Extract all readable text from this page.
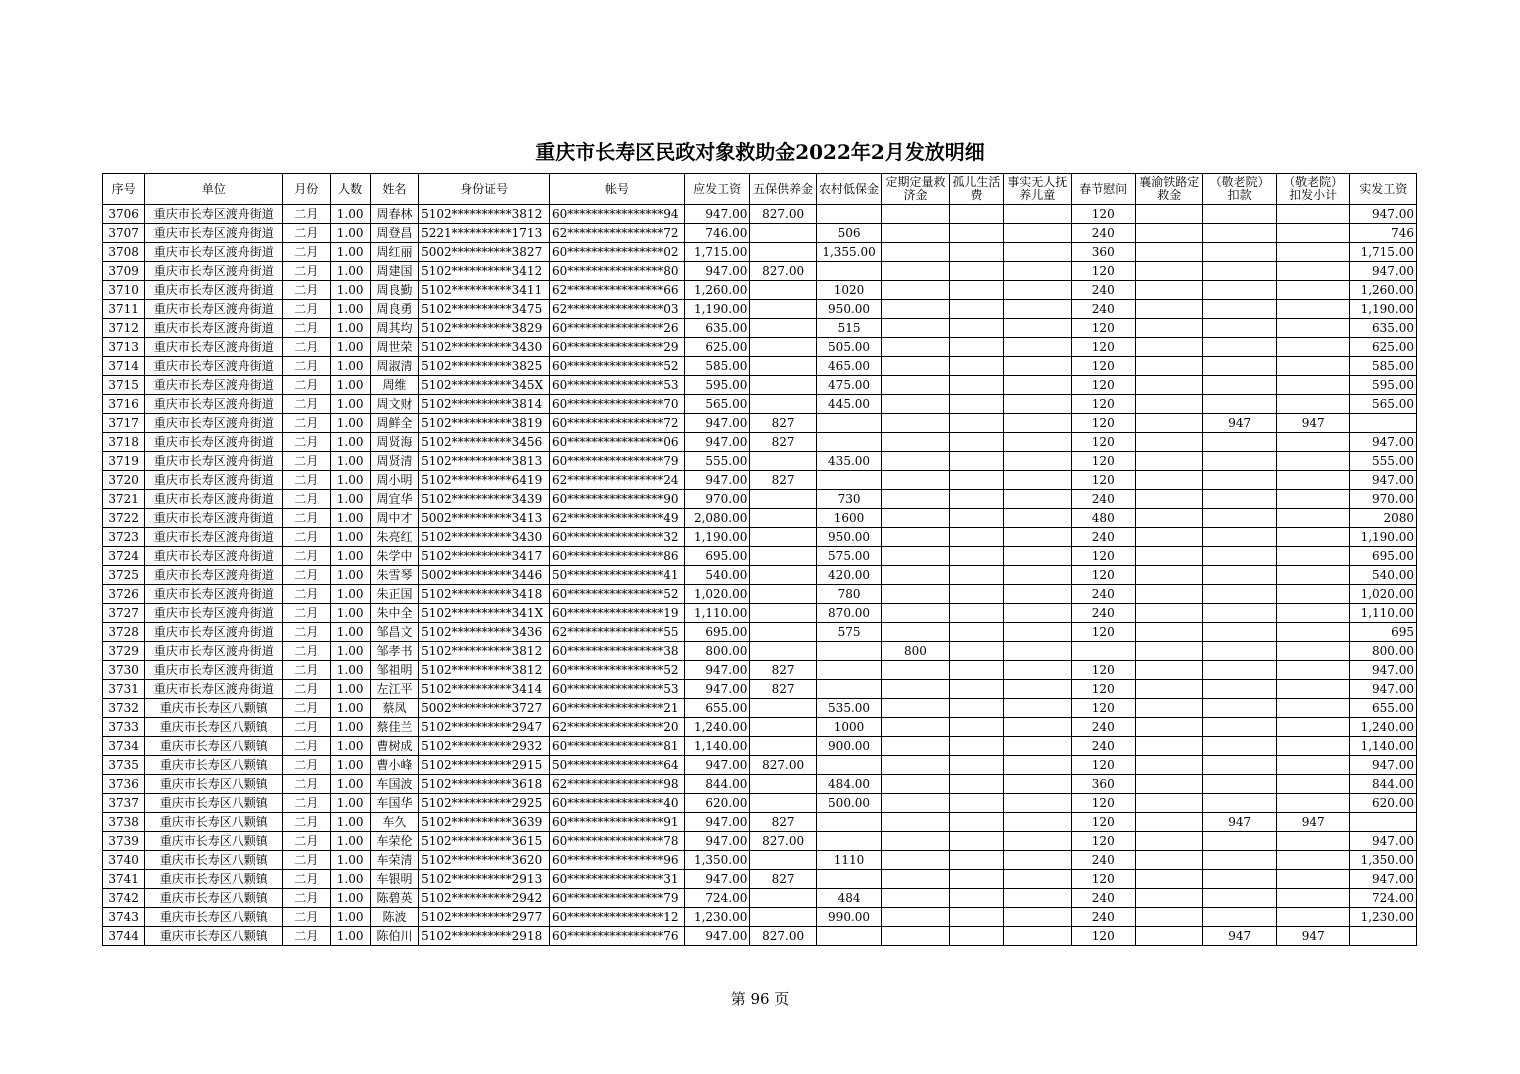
重庆市长寿区民政对象救助金2022年2月发放明细
序号	单位	月份	人数	姓名	身份证号	帐号	应发工资	五保供养金	农村低保金	定期定量救济金	孤儿生活费	事实无人抚养儿童	春节慰问	襄渝铁路定救金	（敬老院）扣款	（敬老院）扣发小计	实发工资
3706	重庆市长寿区渡舟街道	二月	1.00	周春林	5102**********3812	60****************94	947.00	827.00					120				947.00
3707	重庆市长寿区渡舟街道	二月	1.00	周登昌	5221**********1713	62****************72	746.00		506				240				746
3708	重庆市长寿区渡舟街道	二月	1.00	周红丽	5002**********3827	60****************02	1,715.00		1,355.00				360				1,715.00
3709	重庆市长寿区渡舟街道	二月	1.00	周建国	5102**********3412	60****************80	947.00	827.00					120				947.00
3710	重庆市长寿区渡舟街道	二月	1.00	周良勤	5102**********3411	62****************66	1,260.00		1020				240				1,260.00
3711	重庆市长寿区渡舟街道	二月	1.00	周良勇	5102**********3475	62****************03	1,190.00		950.00				240				1,190.00
3712	重庆市长寿区渡舟街道	二月	1.00	周其均	5102**********3829	60****************26	635.00		515				120				635.00
3713	重庆市长寿区渡舟街道	二月	1.00	周世荣	5102**********3430	60****************29	625.00		505.00				120				625.00
3714	重庆市长寿区渡舟街道	二月	1.00	周淑清	5102**********3825	60****************52	585.00		465.00				120				585.00
3715	重庆市长寿区渡舟街道	二月	1.00	周维	5102**********345X	60****************53	595.00		475.00				120				595.00
3716	重庆市长寿区渡舟街道	二月	1.00	周文财	5102**********3814	60****************70	565.00		445.00				120				565.00
3717	重庆市长寿区渡舟街道	二月	1.00	周鲜全	5102**********3819	60****************72	947.00	827					120		947	947	
3718	重庆市长寿区渡舟街道	二月	1.00	周贤海	5102**********3456	60****************06	947.00	827					120				947.00
3719	重庆市长寿区渡舟街道	二月	1.00	周贤清	5102**********3813	60****************79	555.00		435.00				120				555.00
3720	重庆市长寿区渡舟街道	二月	1.00	周小明	5102**********6419	62****************24	947.00	827					120				947.00
3721	重庆市长寿区渡舟街道	二月	1.00	周宜华	5102**********3439	60****************90	970.00		730				240				970.00
3722	重庆市长寿区渡舟街道	二月	1.00	周中才	5002**********3413	62****************49	2,080.00		1600				480				2080
3723	重庆市长寿区渡舟街道	二月	1.00	朱亮红	5102**********3430	60****************32	1,190.00		950.00				240				1,190.00
3724	重庆市长寿区渡舟街道	二月	1.00	朱学中	5102**********3417	60****************86	695.00		575.00				120				695.00
3725	重庆市长寿区渡舟街道	二月	1.00	朱雪琴	5002**********3446	50****************41	540.00		420.00				120				540.00
3726	重庆市长寿区渡舟街道	二月	1.00	朱正国	5102**********3418	60****************52	1,020.00		780				240				1,020.00
3727	重庆市长寿区渡舟街道	二月	1.00	朱中全	5102**********341X	60****************19	1,110.00		870.00				240				1,110.00
3728	重庆市长寿区渡舟街道	二月	1.00	邹昌文	5102**********3436	62****************55	695.00		575				120				695
3729	重庆市长寿区渡舟街道	二月	1.00	邹孝书	5102**********3812	60****************38	800.00			800							800.00
3730	重庆市长寿区渡舟街道	二月	1.00	邹祖明	5102**********3812	60****************52	947.00	827					120				947.00
3731	重庆市长寿区渡舟街道	二月	1.00	左江平	5102**********3414	60****************53	947.00	827					120				947.00
3732	重庆市长寿区八颗镇	二月	1.00	蔡凤	5002**********3727	60****************21	655.00		535.00				120				655.00
3733	重庆市长寿区八颗镇	二月	1.00	蔡佳兰	5102**********2947	62****************20	1,240.00		1000				240				1,240.00
3734	重庆市长寿区八颗镇	二月	1.00	曹树成	5102**********2932	60****************81	1,140.00		900.00				240				1,140.00
3735	重庆市长寿区八颗镇	二月	1.00	曹小峰	5102**********2915	50****************64	947.00	827.00					120				947.00
3736	重庆市长寿区八颗镇	二月	1.00	车国波	5102**********3618	62****************98	844.00		484.00				360				844.00
3737	重庆市长寿区八颗镇	二月	1.00	车国华	5102**********2925	60****************40	620.00		500.00				120				620.00
3738	重庆市长寿区八颗镇	二月	1.00	车久	5102**********3639	60****************91	947.00	827					120		947	947	
3739	重庆市长寿区八颗镇	二月	1.00	车荣伦	5102**********3615	60****************78	947.00	827.00					120				947.00
3740	重庆市长寿区八颗镇	二月	1.00	车荣清	5102**********3620	60****************96	1,350.00		1110				240				1,350.00
3741	重庆市长寿区八颗镇	二月	1.00	车银明	5102**********2913	60****************31	947.00	827					120				947.00
3742	重庆市长寿区八颗镇	二月	1.00	陈碧英	5102**********2942	60****************79	724.00		484				240				724.00
3743	重庆市长寿区八颗镇	二月	1.00	陈波	5102**********2977	60****************12	1,230.00		990.00				240				1,230.00
3744	重庆市长寿区八颗镇	二月	1.00	陈伯川	5102**********2918	60****************76	947.00	827.00					120		947	947	
第 96 页
